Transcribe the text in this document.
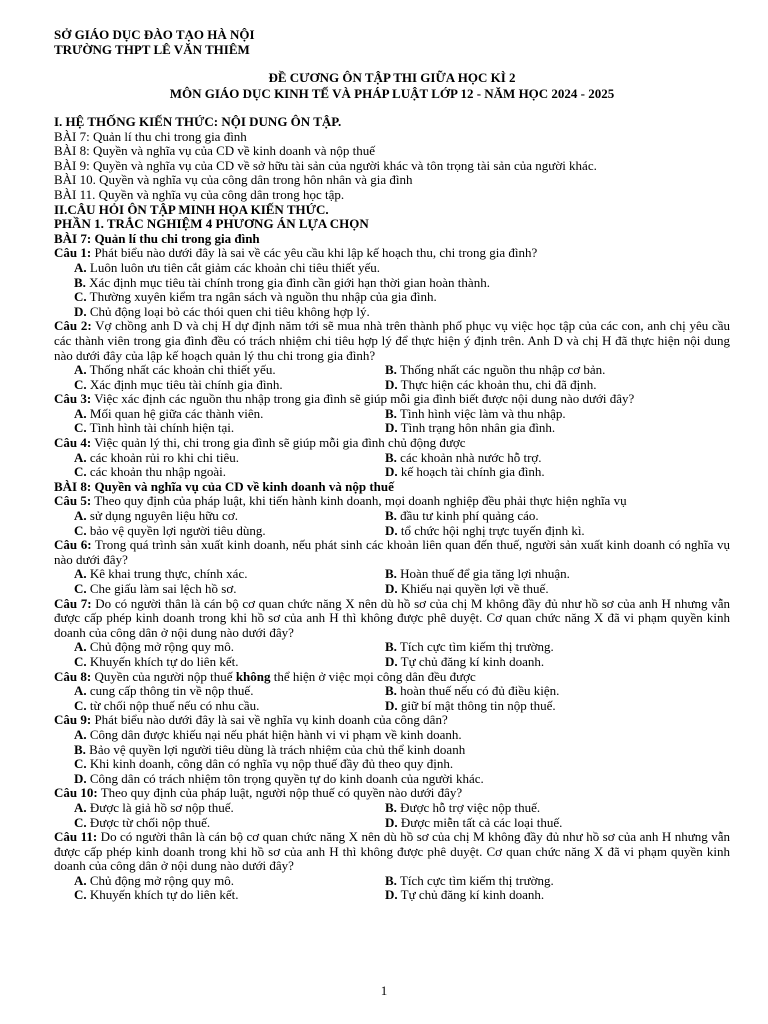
SỞ GIÁO DỤC ĐÀO TẠO HÀ NỘI
TRƯỜNG THPT LÊ VĂN THIÊM
ĐỀ CƯƠNG ÔN TẬP THI GIỮA HỌC KÌ 2
MÔN GIÁO DỤC KINH TẾ VÀ PHÁP LUẬT LỚP 12 - NĂM HỌC 2024 - 2025
I. HỆ THỐNG KIẾN THỨC: NỘI DUNG ÔN TẬP.
BÀI 7: Quản lí thu chi trong gia đình
BÀI 8: Quyền và nghĩa vụ của CD về kinh doanh và nộp thuế
BÀI 9: Quyền và nghĩa vụ của CD về sở hữu tài sản của người khác và tôn trọng tài sản của người khác.
BÀI 10. Quyền và nghĩa vụ của công dân trong hôn nhân và gia đình
BÀI 11. Quyền và nghĩa vụ của công dân trong học tập.
II.CÂU HỎI ÔN TẬP MINH HỌA KIẾN THỨC.
PHẦN 1. TRẮC NGHIỆM 4 PHƯƠNG ÁN LỰA CHỌN
BÀI 7: Quản lí thu chi trong gia đình

Câu 1: Phát biểu nào dưới đây là sai về các yêu cầu khi lập kế hoạch thu, chi trong gia đình?

A. Luôn luôn ưu tiên cắt giảm các khoản chi tiêu thiết yếu.
B. Xác định mục tiêu tài chính trong gia đình cần giới hạn thời gian hoàn thành.
C. Thường xuyên kiểm tra ngân sách và nguồn thu nhập của gia đình.
D. Chủ động loại bỏ các thói quen chi tiêu không hợp lý.

Câu 2: Vợ chồng anh D và chị H dự định năm tới sẽ mua nhà trên thành phố phục vụ việc học tập của các con, anh chị yêu cầu các thành viên trong gia đình đều có trách nhiệm chi tiêu hợp lý để thực hiện ý định trên. Anh D và chị H đã thực hiện nội dung nào dưới đây của lập kế hoạch quản lý thu chi trong gia đình?

A. Thống nhất các khoản chi thiết yếu.	B. Thống nhất các nguồn thu nhập cơ bản.
C. Xác định mục tiêu tài chính gia đình.	D. Thực hiện các khoản thu, chi đã định.

Câu 3: Việc xác định các nguồn thu nhập trong gia đình sẽ giúp mỗi gia đình biết được nội dung nào dưới đây?

A. Mối quan hệ giữa các thành viên.	B. Tình hình việc làm và thu nhập.
C. Tình hình tài chính hiện tại.	D. Tình trạng hôn nhân gia đình.

Câu 4: Việc quản lý thi, chi trong gia đình sẽ giúp mỗi gia đình chủ động được

A. các khoản rủi ro khi chi tiêu.	B. các khoản nhà nước hỗ trợ.
C. các khoản thu nhập ngoài.	D. kế hoạch tài chính gia đình.
BÀI 8: Quyền và nghĩa vụ của CD về kinh doanh và nộp thuế

Câu 5: Theo quy định của pháp luật, khi tiến hành kinh doanh, mọi doanh nghiệp đều phải thực hiện nghĩa vụ

A. sử dụng nguyên liệu hữu cơ.	B. đầu tư kinh phí quảng cáo.
C. bảo vệ quyền lợi người tiêu dùng.	D. tổ chức hội nghị trực tuyến định kì.

Câu 6: Trong quá trình sản xuất kinh doanh, nếu phát sinh các khoản liên quan đến thuế, người sản xuất kinh doanh có nghĩa vụ nào dưới đây?

A. Kê khai trung thực, chính xác.	B. Hoàn thuế để gia tăng lợi nhuận.
C. Che giấu làm sai lệch hồ sơ.	D. Khiếu nại quyền lợi về thuế.

Câu 7: Do có người thân là cán bộ cơ quan chức năng X nên dù hồ sơ của chị M không đầy đủ như hồ sơ của anh H nhưng vẫn được cấp phép kinh doanh trong khi hồ sơ của anh H thì không được phê duyệt. Cơ quan chức năng X đã vi phạm quyền kinh doanh của công dân ở nội dung nào dưới đây?

A. Chủ động mở rộng quy mô.	B. Tích cực tìm kiếm thị trường.
C. Khuyến khích tự do liên kết.	D. Tự chủ đăng kí kinh doanh.

Câu 8: Quyền của người nộp thuế không thể hiện ở việc mọi công dân đều được

A. cung cấp thông tin về nộp thuế.	B. hoàn thuế nếu có đủ điều kiện.
C. từ chối nộp thuế nếu có nhu cầu.	D. giữ bí mật thông tin nộp thuế.

Câu 9: Phát biểu nào dưới đây là sai về nghĩa vụ kinh doanh của công dân?

A. Công dân được khiếu nại nếu phát hiện hành vi vi phạm về kinh doanh.
B. Bảo vệ quyền lợi người tiêu dùng là trách nhiệm của chủ thể kinh doanh
C. Khi kinh doanh, công dân có nghĩa vụ nộp thuế đầy đủ theo quy định.
D. Công dân có trách nhiệm tôn trọng quyền tự do kinh doanh của người khác.

Câu 10: Theo quy định của pháp luật, người nộp thuế có quyền nào dưới đây?

A. Được là giả hồ sơ nộp thuế.	B. Được hỗ trợ việc nộp thuế.
C. Được từ chối nộp thuế.	D. Được miễn tất cả các loại thuế.

Câu 11: Do có người thân là cán bộ cơ quan chức năng X nên dù hồ sơ của chị M không đầy đủ như hồ sơ của anh H nhưng vẫn được cấp phép kinh doanh trong khi hồ sơ của anh H thì không được phê duyệt. Cơ quan chức năng X đã vi phạm quyền kinh doanh của công dân ở nội dung nào dưới đây?

A. Chủ động mở rộng quy mô.	B. Tích cực tìm kiếm thị trường.
C. Khuyến khích tự do liên kết.	D. Tự chủ đăng kí kinh doanh.
1
